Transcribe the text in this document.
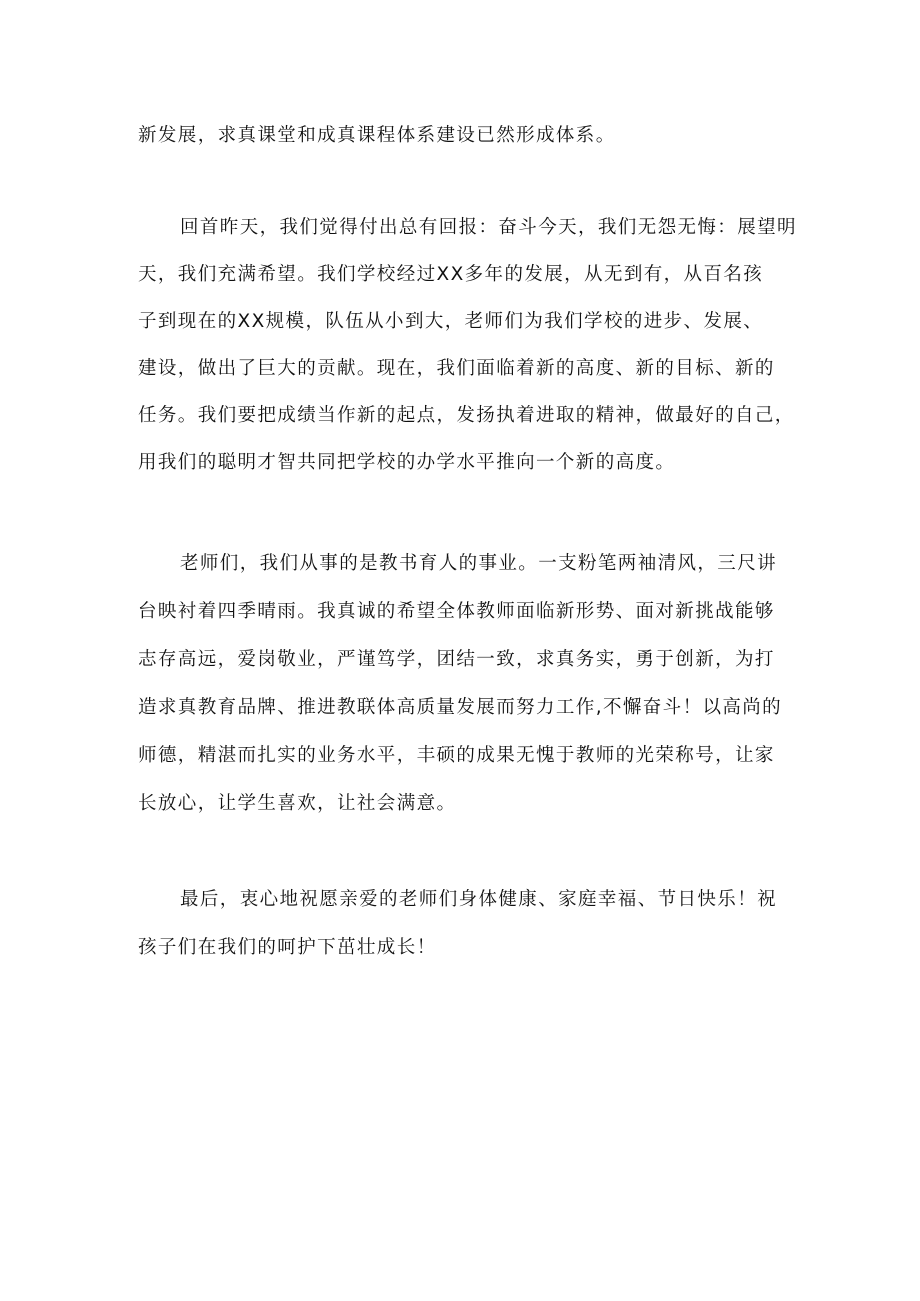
新发展，求真课堂和成真课程体系建设已然形成体系。
回首昨天，我们觉得付出总有回报：奋斗今天，我们无怨无悔：展望明
天，我们充满希望。我们学校经过XX多年的发展，从无到有，从百名孩
子到现在的XX规模，队伍从小到大，老师们为我们学校的进步、发展、
建设，做出了巨大的贡献。现在，我们面临着新的高度、新的目标、新的
任务。我们要把成绩当作新的起点，发扬执着进取的精神，做最好的自己，
用我们的聪明才智共同把学校的办学水平推向一个新的高度。
老师们，我们从事的是教书育人的事业。一支粉笔两袖清风，三尺讲
台映衬着四季晴雨。我真诚的希望全体教师面临新形势、面对新挑战能够
志存高远，爱岗敬业，严谨笃学，团结一致，求真务实，勇于创新，为打
造求真教育品牌、推进教联体高质量发展而努力工作,不懈奋斗！以高尚的
师德，精湛而扎实的业务水平，丰硕的成果无愧于教师的光荣称号，让家
长放心，让学生喜欢，让社会满意。
最后，衷心地祝愿亲爱的老师们身体健康、家庭幸福、节日快乐！祝
孩子们在我们的呵护下茁壮成长！
